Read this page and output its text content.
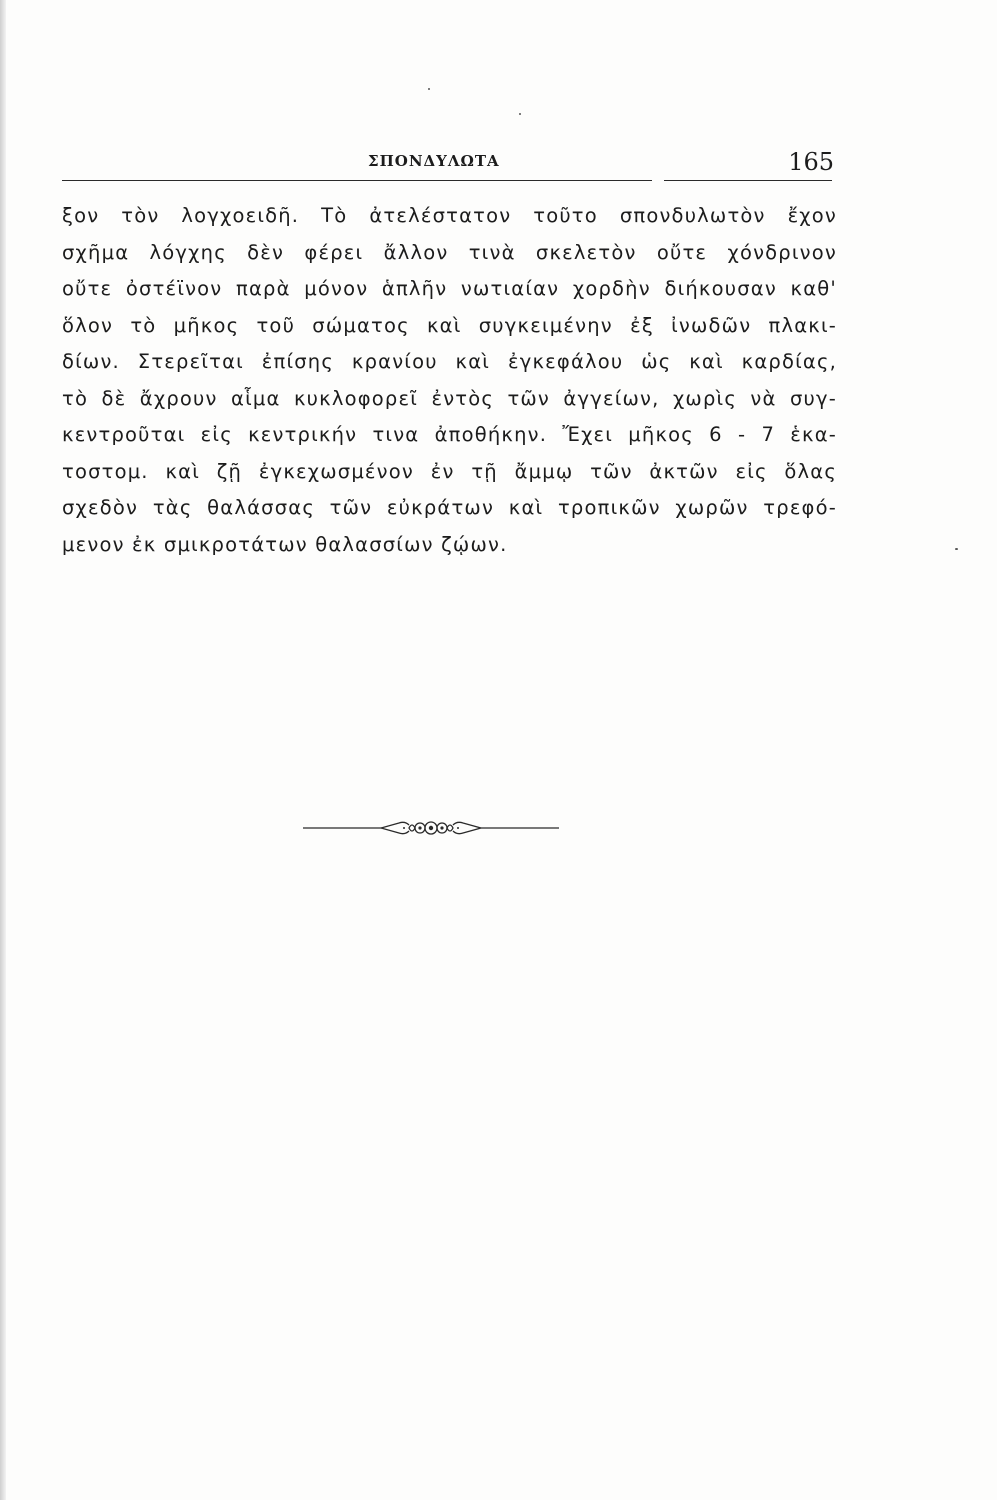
ΣΠΟΝΔΥΛΩΤΑ	165
ξον τὸν λογχοειδῆ. Τὸ ἀτελέστατον τοῦτο σπονδυλωτὸν ἔχον
σχῆμα λόγχης δὲν φέρει ἄλλον τινὰ σκελετὸν οὔτε χόνδρινον
οὔτε ὀστέϊνον παρὰ μόνον ἁπλῆν νωτιαίαν χορδὴν διήκουσαν καθ'
ὅλον τὸ μῆκος τοῦ σώματος καὶ συγκειμένην ἐξ ἰνωδῶν πλακι-
δίων. Στερεῖται ἐπίσης κρανίου καὶ ἐγκεφάλου ὡς καὶ καρδίας,
τὸ δὲ ἄχρουν αἷμα κυκλοφορεῖ ἐντὸς τῶν ἀγγείων, χωρὶς νὰ συγ-
κεντροῦται εἰς κεντρικήν τινα ἀποθήκην. Ἔχει μῆκος 6 - 7 ἑκα-
τοστομ. καὶ ζῇ ἐγκεχωσμένον ἐν τῇ ἄμμῳ τῶν ἀκτῶν εἰς ὅλας
σχεδὸν τὰς θαλάσσας τῶν εὐκράτων καὶ τροπικῶν χωρῶν τρεφό-
μενον ἐκ σμικροτάτων θαλασσίων ζῴων.
